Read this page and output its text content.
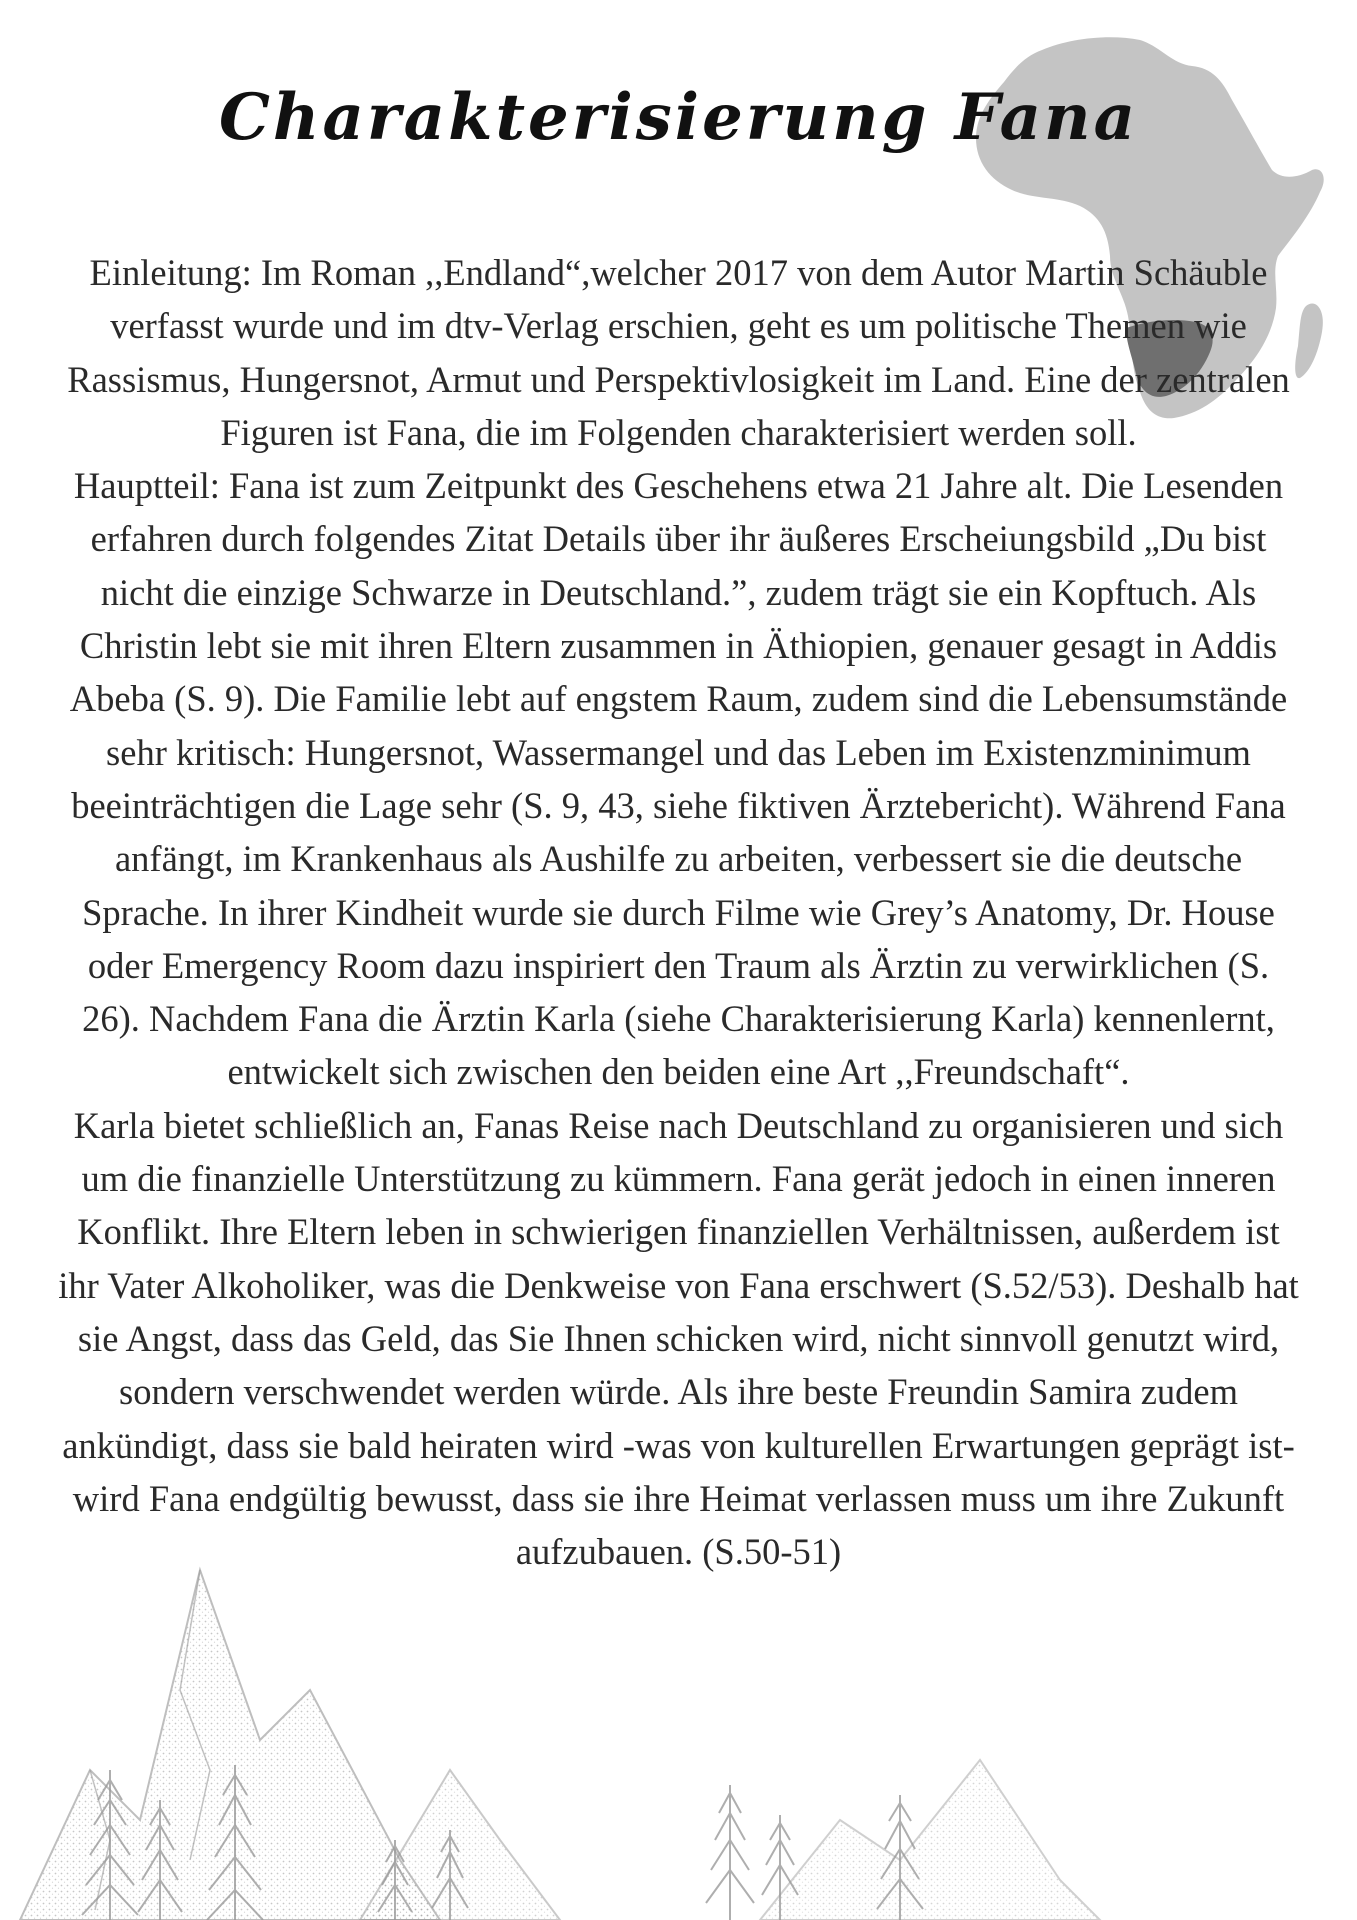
Charakterisierung Fana

Einleitung: Im Roman ,,Endland“,welcher 2017 von dem Autor Martin Schäuble verfasst wurde und im dtv-Verlag erschien, geht es um politische Themen wie Rassismus, Hungersnot, Armut und Perspektivlosigkeit im Land. Eine der zentralen Figuren ist Fana, die im Folgenden charakterisiert werden soll.

Hauptteil: Fana ist zum Zeitpunkt des Geschehens etwa 21 Jahre alt. Die Lesenden erfahren durch folgendes Zitat Details über ihr äußeres Erscheiungsbild „Du bist nicht die einzige Schwarze in Deutschland.”, zudem trägt sie ein Kopftuch. Als Christin lebt sie mit ihren Eltern zusammen in Äthiopien, genauer gesagt in Addis Abeba (S. 9). Die Familie lebt auf engstem Raum, zudem sind die Lebensumstände sehr kritisch: Hungersnot, Wassermangel und das Leben im Existenzminimum beeinträchtigen die Lage sehr (S. 9, 43, siehe fiktiven Ärztebericht). Während Fana anfängt, im Krankenhaus als Aushilfe zu arbeiten, verbessert sie die deutsche Sprache. In ihrer Kindheit wurde sie durch Filme wie Grey’s Anatomy, Dr. House oder Emergency Room dazu inspiriert den Traum als Ärztin zu verwirklichen (S. 26). Nachdem Fana die Ärztin Karla (siehe Charakterisierung Karla) kennenlernt, entwickelt sich zwischen den beiden eine Art ,,Freundschaft“.

Karla bietet schließlich an, Fanas Reise nach Deutschland zu organisieren und sich um die finanzielle Unterstützung zu kümmern. Fana gerät jedoch in einen inneren Konflikt. Ihre Eltern leben in schwierigen finanziellen Verhältnissen, außerdem ist ihr Vater Alkoholiker, was die Denkweise von Fana erschwert (S.52/53). Deshalb hat sie Angst, dass das Geld, das Sie Ihnen schicken wird, nicht sinnvoll genutzt wird, sondern verschwendet werden würde. Als ihre beste Freundin Samira zudem ankündigt, dass sie bald heiraten wird -was von kulturellen Erwartungen geprägt ist- wird Fana endgültig bewusst, dass sie ihre Heimat verlassen muss um ihre Zukunft aufzubauen. (S.50-51)
